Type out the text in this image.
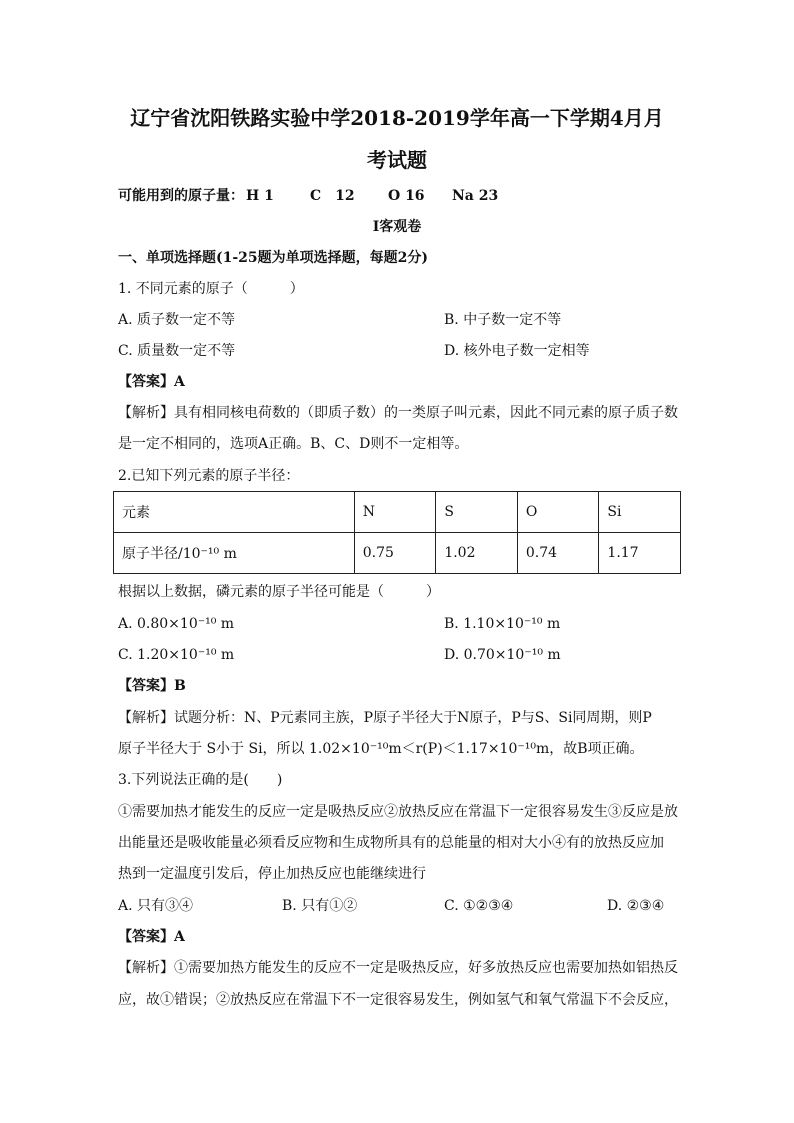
辽宁省沈阳铁路实验中学2018-2019学年高一下学期4月月
考试题
可能用到的原子量： H 1	C　12 O 16 Na 23
Ⅰ客观卷
一、单项选择题(1-25题为单项选择题，每题2分)
1. 不同元素的原子（　　　）
A. 质子数一定不等	B. 中子数一定不等
C. 质量数一定不等	D. 核外电子数一定相等
【答案】A
【解析】具有相同核电荷数的（即质子数）的一类原子叫元素，因此不同元素的原子质子数
是一定不相同的，选项A正确。B、C、D则不一定相等。
2.已知下列元素的原子半径：
元素	N	S	O	Si
原子半径/10⁻¹⁰ m	0.75	1.02	0.74	1.17
根据以上数据，磷元素的原子半径可能是（　　　）
A. 0.80×10⁻¹⁰ m	B. 1.10×10⁻¹⁰ m
C. 1.20×10⁻¹⁰ m	D. 0.70×10⁻¹⁰ m
【答案】B
【解析】试题分析：N、P元素同主族，P原子半径大于N原子，P与S、Si同周期，则P
原子半径大于 S小于 Si，所以 1.02×10⁻¹⁰m＜r(P)＜1.17×10⁻¹⁰m，故B项正确。
3.下列说法正确的是(　　)
①需要加热才能发生的反应一定是吸热反应②放热反应在常温下一定很容易发生③反应是放
出能量还是吸收能量必须看反应物和生成物所具有的总能量的相对大小④有的放热反应加
热到一定温度引发后，停止加热反应也能继续进行
A. 只有③④	B. 只有①②	C. ①②③④	D. ②③④
【答案】A
【解析】①需要加热方能发生的反应不一定是吸热反应，好多放热反应也需要加热如铝热反
应，故①错误；②放热反应在常温下不一定很容易发生，例如氢气和氧气常温下不会反应，
